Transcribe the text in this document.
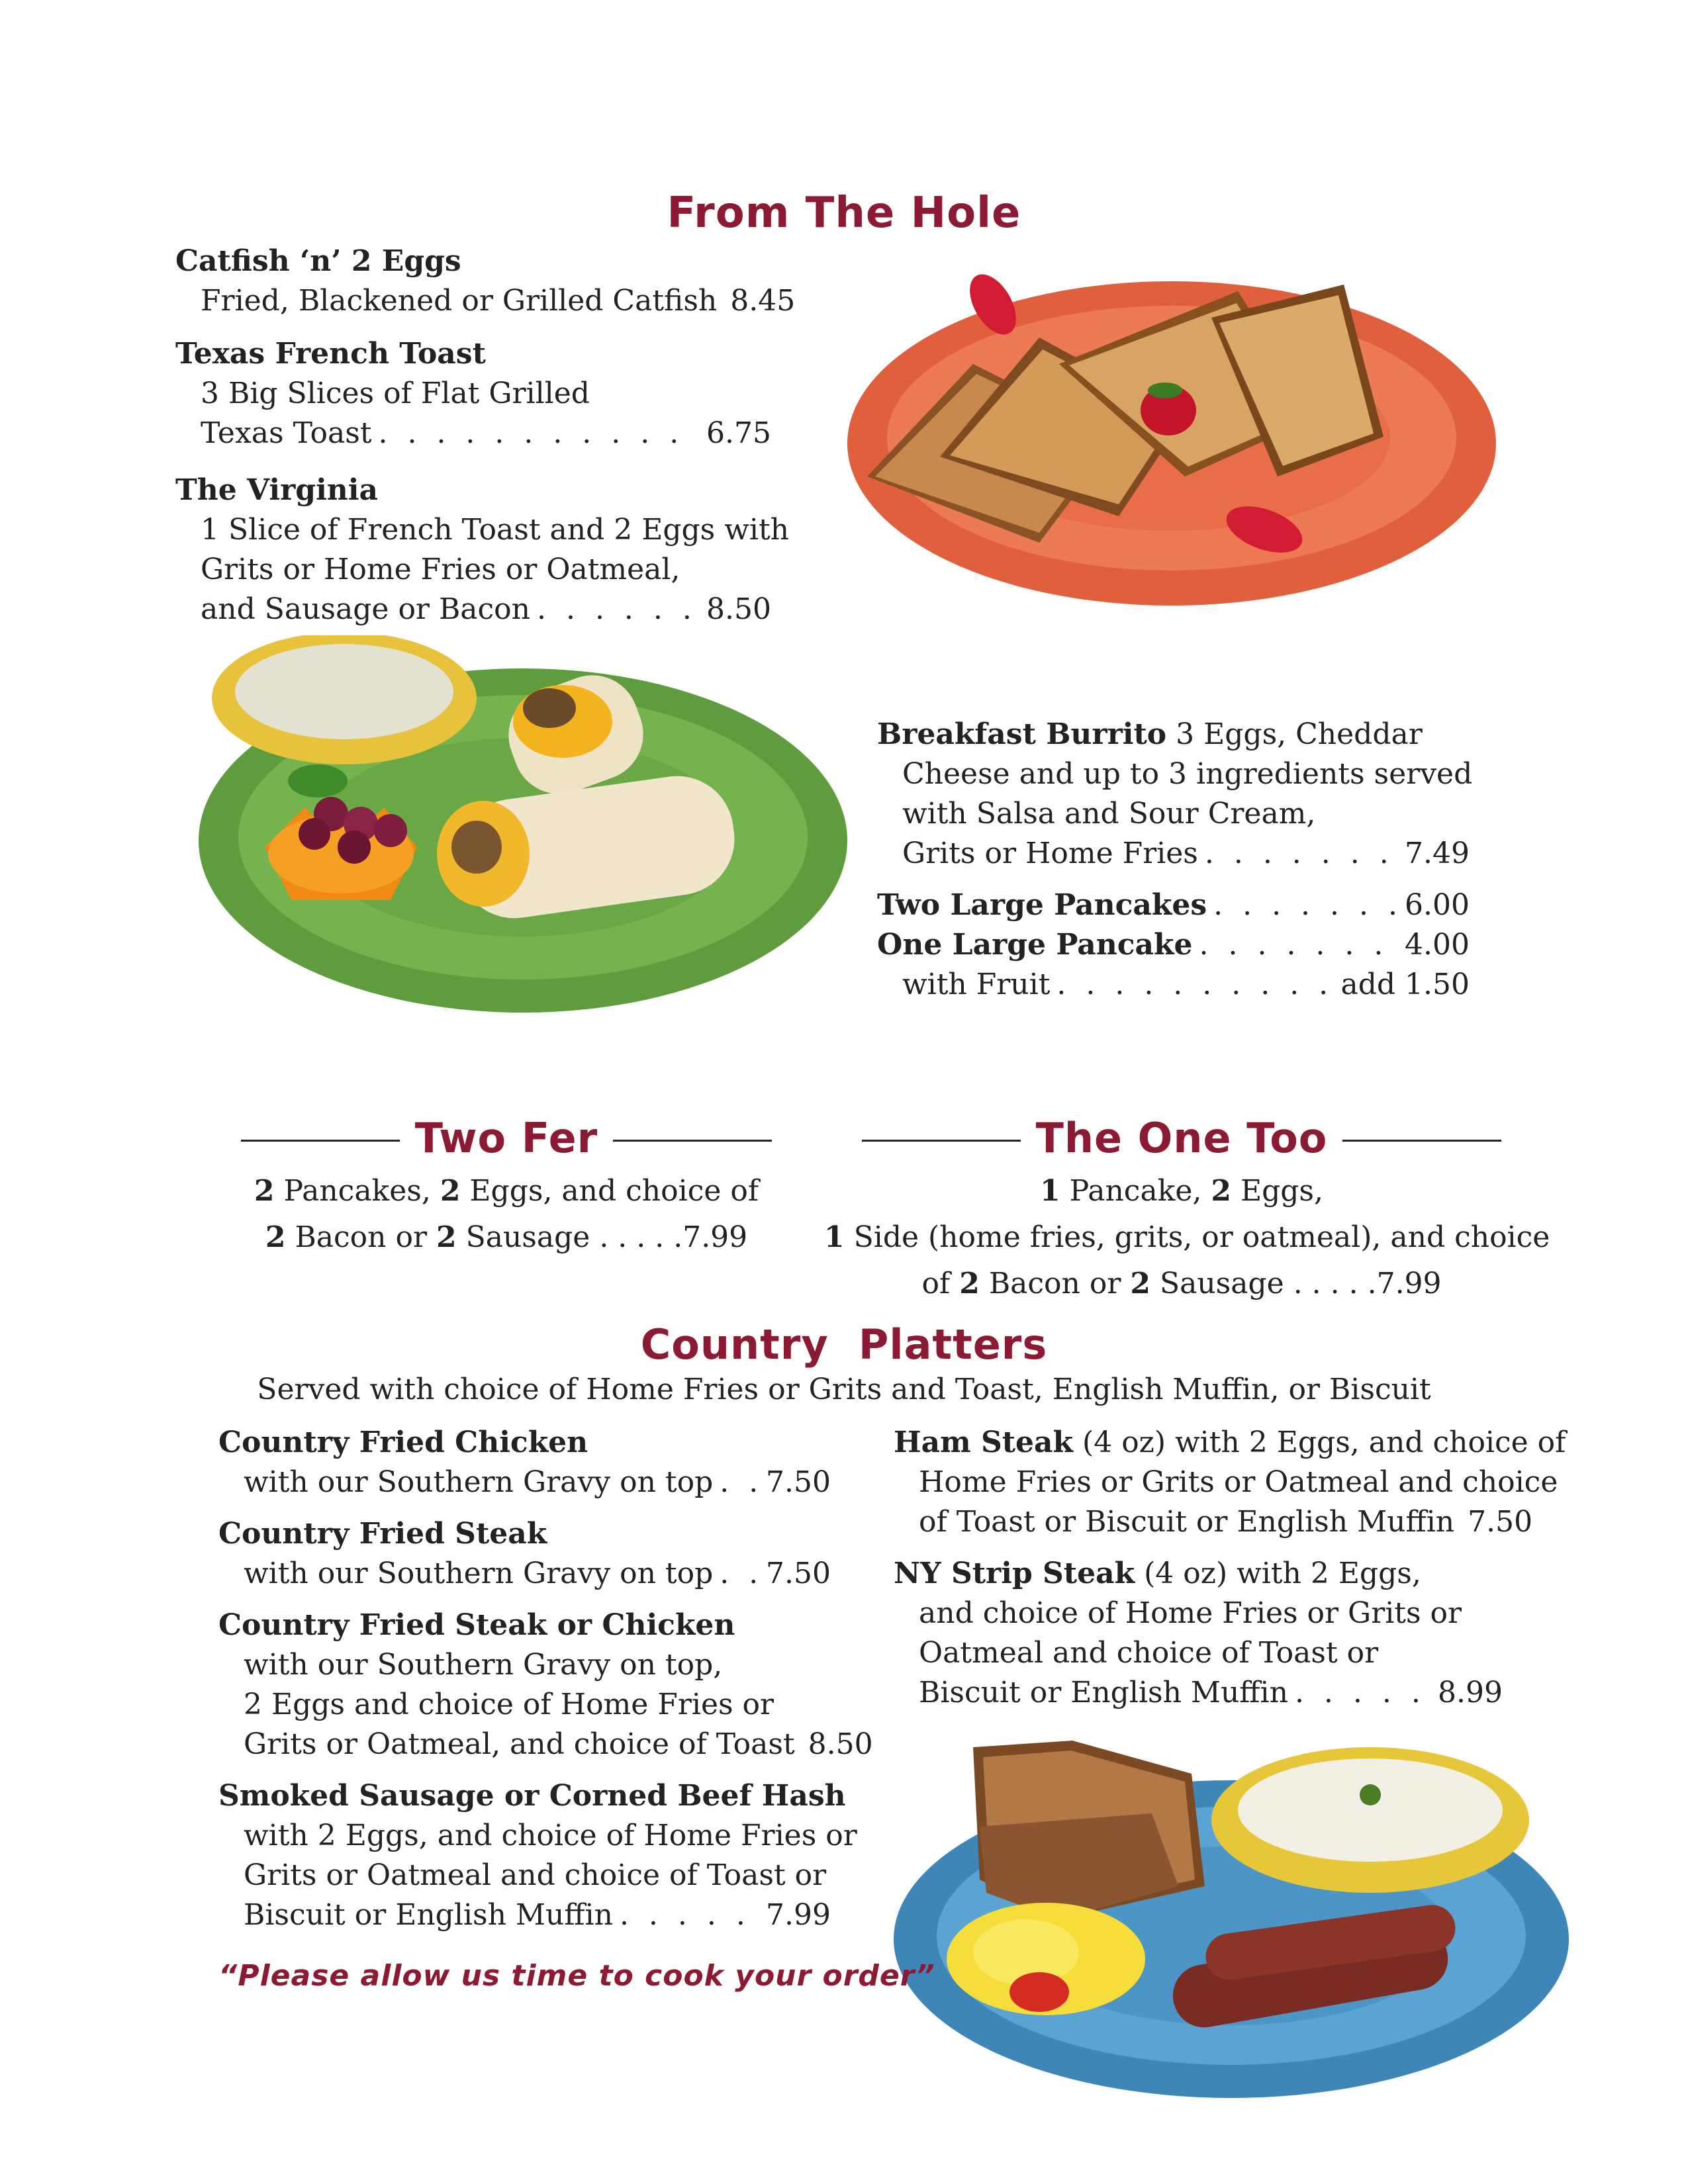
From The Hole
Catfish ‘n’ 2 Eggs
Fried, Blackened or Grilled Catfish 8.45
Texas French Toast
3 Big Slices of Flat Grilled
Texas Toast . . .	6.75
The Virginia
1 Slice of French Toast and 2 Eggs with
Grits or Home Fries or Oatmeal,
and Sausage or Bacon . . .	8.50
Breakfast Burrito 3 Eggs, Cheddar
Cheese and up to 3 ingredients served
with Salsa and Sour Cream,
Grits or Home Fries . . .	7.49
Two Large Pancakes . . .	6.00
One Large Pancake . . .	4.00
with Fruit . . .	add 1.50
Two Fer
2 Pancakes, 2 Eggs, and choice of
2 Bacon or 2 Sausage . . . . .7.99
The One Too
1 Pancake, 2 Eggs,
1 Side (home fries, grits, or oatmeal), and choice
of 2 Bacon or 2 Sausage . . . . .7.99
Country  Platters
Served with choice of Home Fries or Grits and Toast, English Muffin, or Biscuit
Country Fried Chicken
with our Southern Gravy on top . . . 7.50
Country Fried Steak
with our Southern Gravy on top . . . 7.50
Country Fried Steak or Chicken
with our Southern Gravy on top,
2 Eggs and choice of Home Fries or
Grits or Oatmeal, and choice of Toast 8.50
Smoked Sausage or Corned Beef Hash
with 2 Eggs, and choice of Home Fries or
Grits or Oatmeal and choice of Toast or
Biscuit or English Muffin . . .	7.99
Ham Steak (4 oz) with 2 Eggs, and choice of
Home Fries or Grits or Oatmeal and choice
of Toast or Biscuit or English Muffin 7.50
NY Strip Steak (4 oz) with 2 Eggs,
and choice of Home Fries or Grits or
Oatmeal and choice of Toast or
Biscuit or English Muffin . . .	8.99
“Please allow us time to cook your order”
